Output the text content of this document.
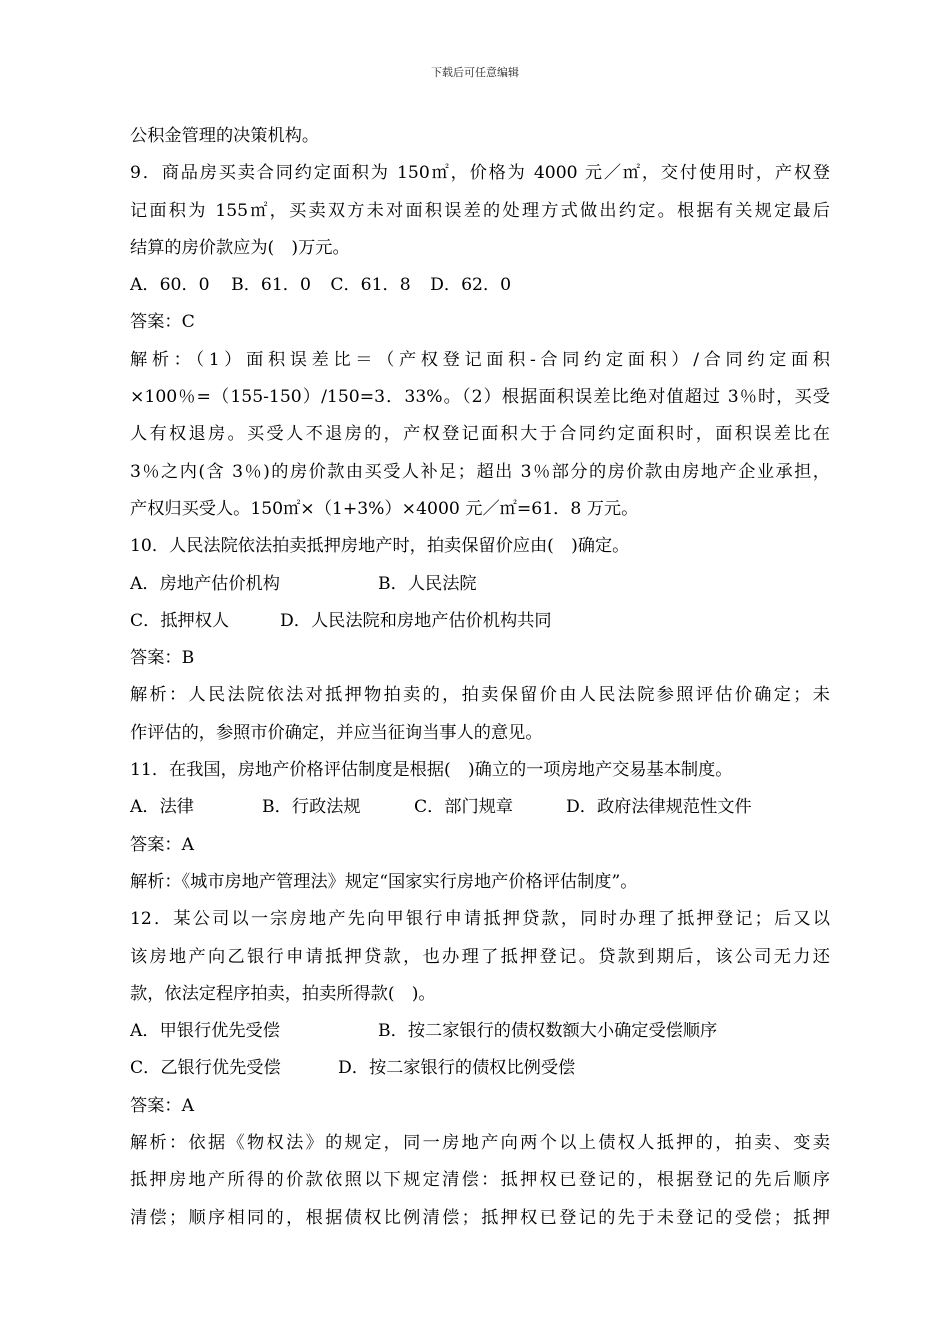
下载后可任意编辑
公积金管理的决策机构。
9．商品房买卖合同约定面积为 150㎡，价格为 4000 元／㎡，交付使用时，产权登
记面积为 155㎡，买卖双方未对面积误差的处理方式做出约定。根据有关规定最后
结算的房价款应为(　)万元。
A．60．0 B．61．0 C．61．8 D．62．0
答案：C
解析：（1）面积误差比＝（产权登记面积-合同约定面积）/合同约定面积
×100％=（155-150）/150=3．33%。（2）根据面积误差比绝对值超过 3％时，买受
人有权退房。买受人不退房的，产权登记面积大于合同约定面积时，面积误差比在
3％之内(含 3％)的房价款由买受人补足；超出 3％部分的房价款由房地产企业承担，
产权归买受人。150㎡×（1+3%）×4000 元／㎡=61．8 万元。
10．人民法院依法拍卖抵押房地产时，拍卖保留价应由(　)确定。
A．房地产估价机构	B．人民法院
C．抵押权人	D．人民法院和房地产估价机构共同
答案：B
解析：人民法院依法对抵押物拍卖的，拍卖保留价由人民法院参照评估价确定；未
作评估的，参照市价确定，并应当征询当事人的意见。
11．在我国，房地产价格评估制度是根据(　)确立的一项房地产交易基本制度。
A．法律	B．行政法规	C．部门规章	D．政府法律规范性文件
答案：A
解析：《城市房地产管理法》规定“国家实行房地产价格评估制度”。
12．某公司以一宗房地产先向甲银行申请抵押贷款，同时办理了抵押登记；后又以
该房地产向乙银行申请抵押贷款，也办理了抵押登记。贷款到期后，该公司无力还
款，依法定程序拍卖，拍卖所得款(　)。
A．甲银行优先受偿	B．按二家银行的债权数额大小确定受偿顺序
C．乙银行优先受偿	D．按二家银行的债权比例受偿
答案：A
解析：依据《物权法》的规定，同一房地产向两个以上债权人抵押的，拍卖、变卖
抵押房地产所得的价款依照以下规定清偿：抵押权已登记的，根据登记的先后顺序
清偿；顺序相同的，根据债权比例清偿；抵押权已登记的先于未登记的受偿；抵押
